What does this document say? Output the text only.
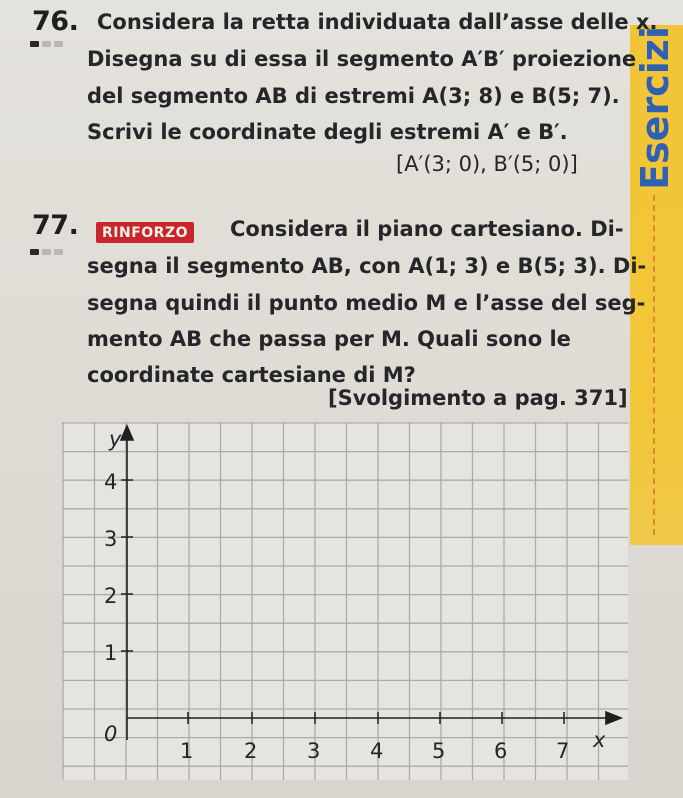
Esercizi
76. Considera la retta individuata dall’asse delle x.
Disegna su di essa il segmento A′B′ proiezione
del segmento AB di estremi A(3; 8) e B(5; 7).
Scrivi le coordinate degli estremi A′ e B′.
[A′(3; 0), B′(5; 0)]
77.	RINFORZO Considera il piano cartesiano. Di-
segna il segmento AB, con A(1; 3) e B(5; 3). Di-
segna quindi il punto medio M e l’asse del seg-
mento AB che passa per M. Quali sono le
coordinate cartesiane di M?
[Svolgimento a pag. 371]
y
x
0
1
2
3
4
1 2 3 4 5 6 7
